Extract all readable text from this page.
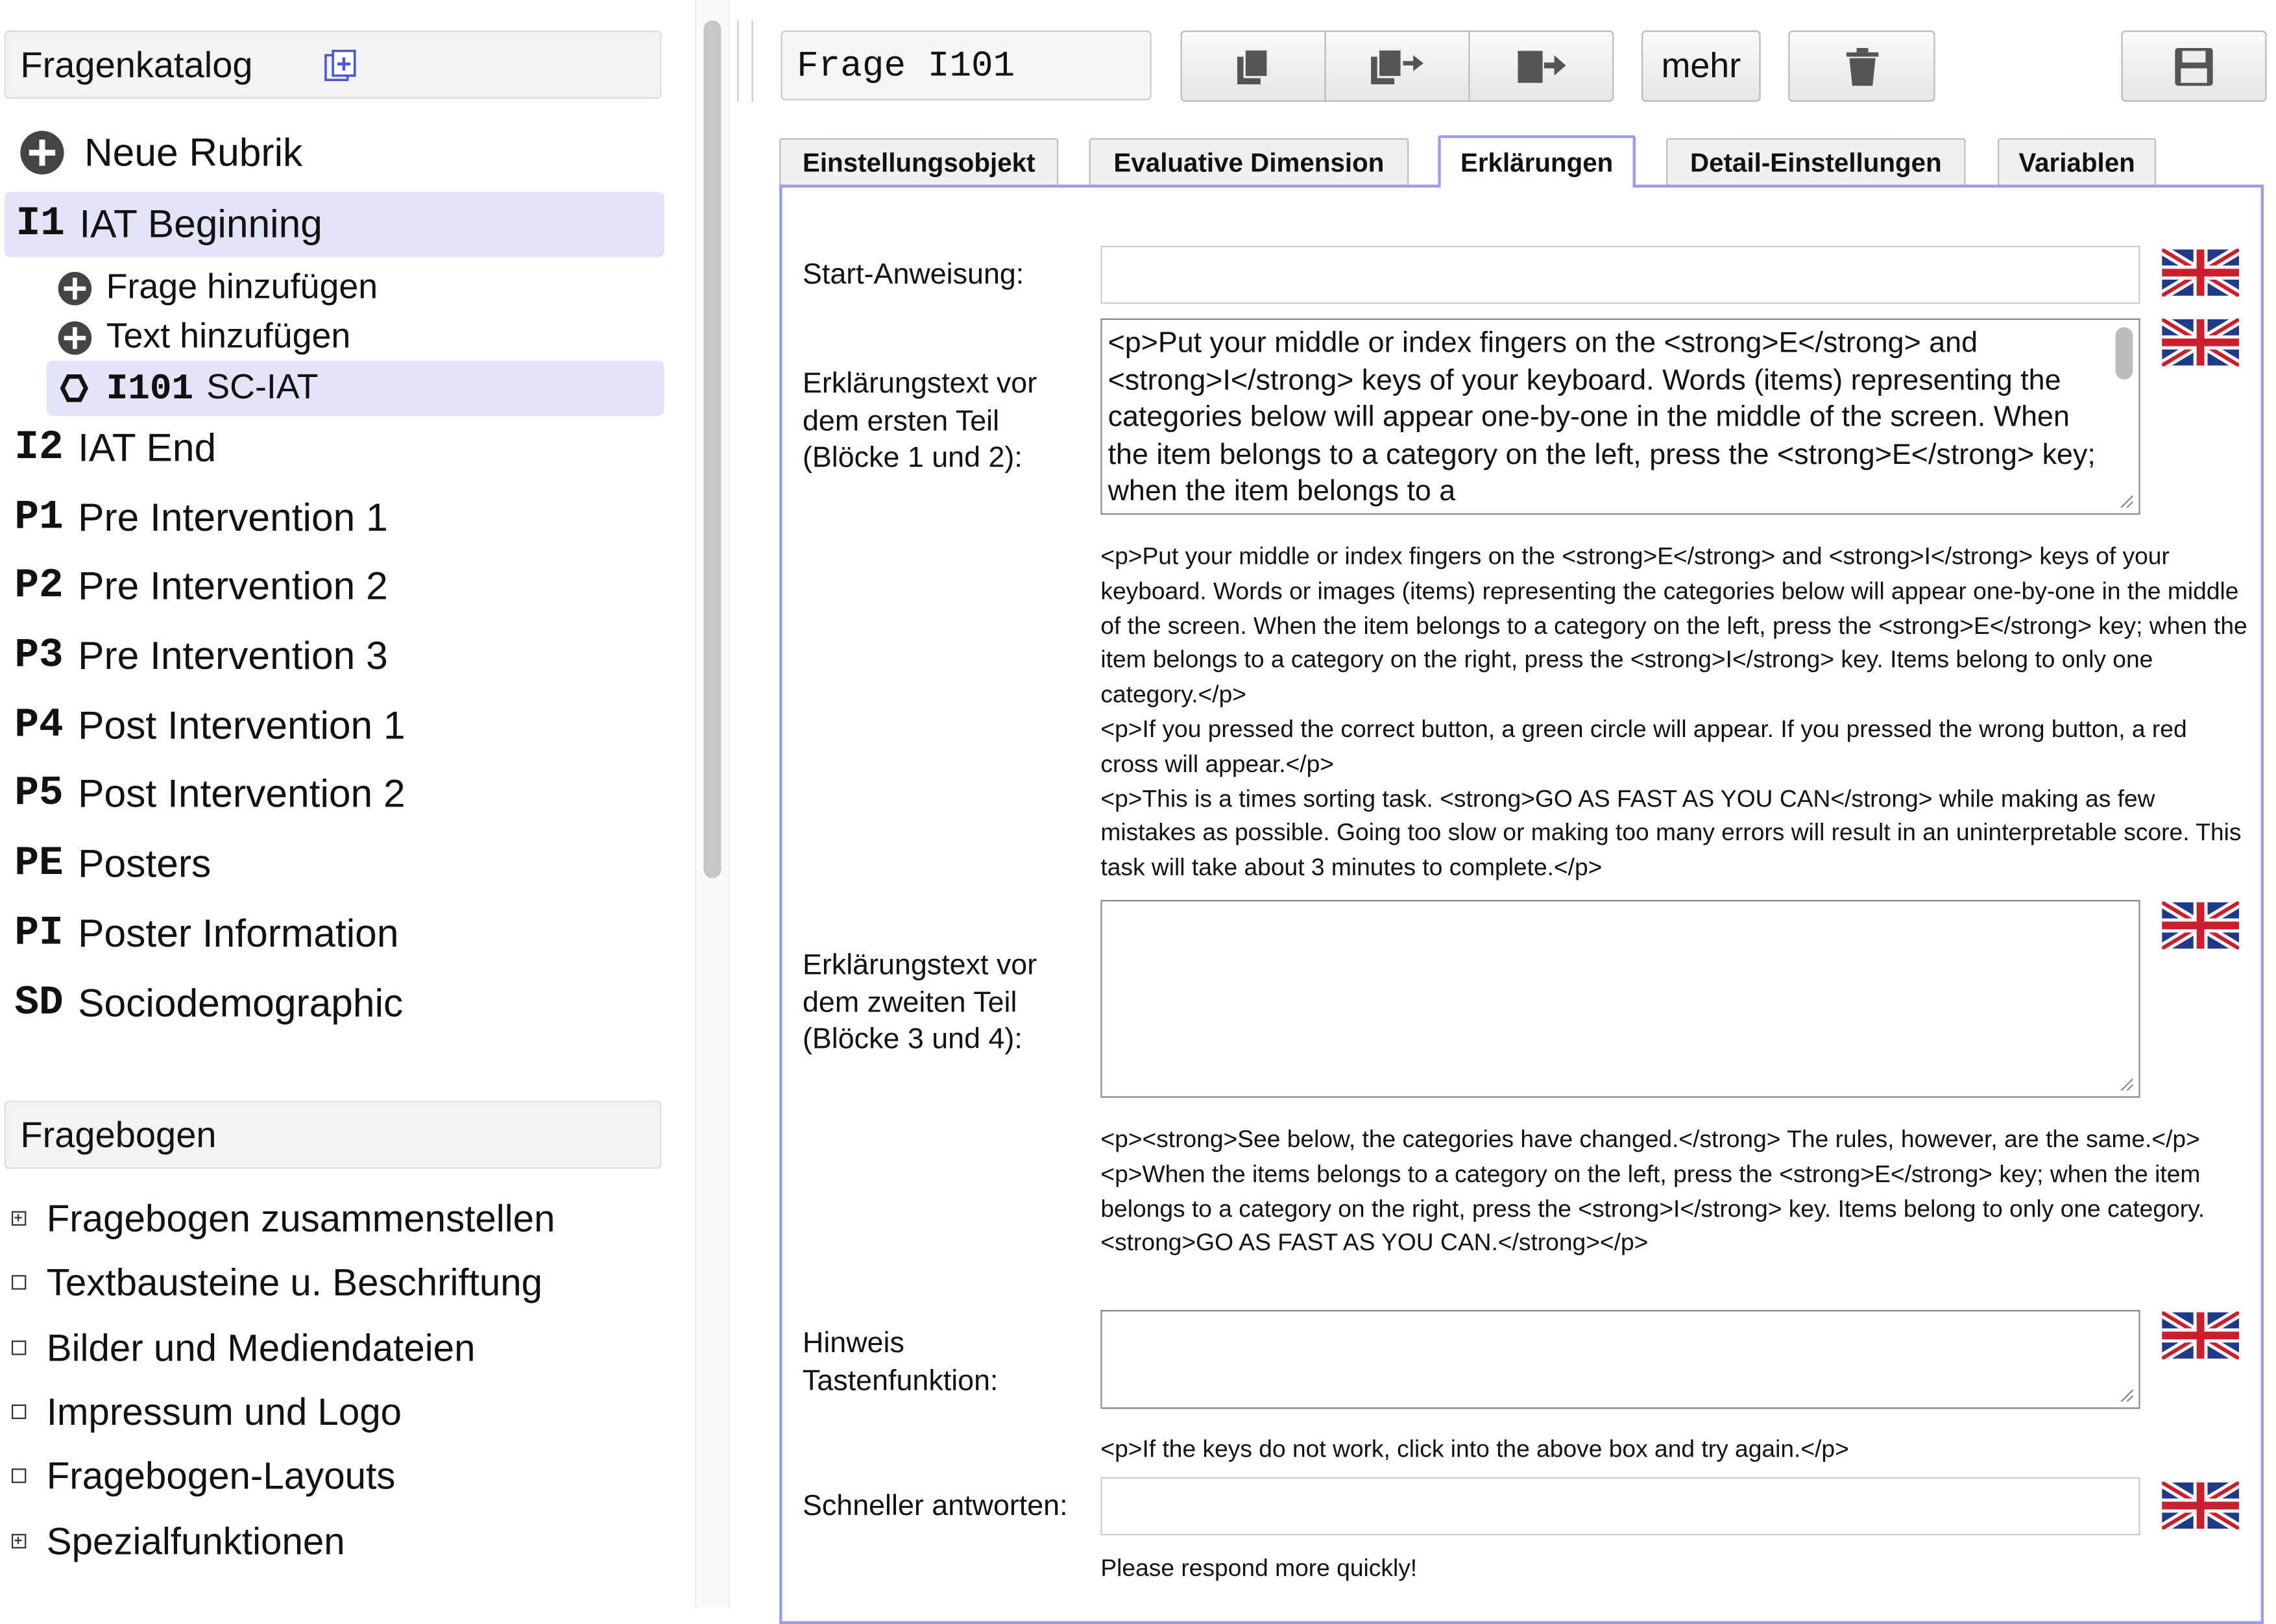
Fragenkatalog
Neue Rubrik
I1 IAT Beginning
Frage hinzufügen
Text hinzufügen
I101 SC-IAT
I2 IAT End
P1 Pre Intervention 1
P2 Pre Intervention 2
P3 Pre Intervention 3
P4 Post Intervention 1
P5 Post Intervention 2
PE Posters
PI Poster Information
SD Sociodemographic
Fragebogen
Fragebogen zusammenstellen
Textbausteine u. Beschriftung
Bilder und Mediendateien
Impressum und Logo
Fragebogen-Layouts
Spezialfunktionen
Frage I101	mehr
Einstellungsobjekt	Evaluative Dimension	Erklärungen	Detail-Einstellungen	Variablen
Start-Anweisung:
Erklärungstext vor dem ersten Teil (Blöcke 1 und 2):
<p>Put your middle or index fingers on the <strong>E</strong> and <strong>I</strong> keys of your keyboard. Words (items) representing the categories below will appear one-by-one in the middle of the screen. When the item belongs to a category on the left, press the <strong>E</strong> key; when the item belongs to a
<p>Put your middle or index fingers on the <strong>E</strong> and <strong>I</strong> keys of your keyboard. Words or images (items) representing the categories below will appear one-by-one in the middle of the screen. When the item belongs to a category on the left, press the <strong>E</strong> key; when the item belongs to a category on the right, press the <strong>I</strong> key. Items belong to only one category.</p>
<p>If you pressed the correct button, a green circle will appear. If you pressed the wrong button, a red cross will appear.</p>
<p>This is a times sorting task. <strong>GO AS FAST AS YOU CAN</strong> while making as few mistakes as possible. Going too slow or making too many errors will result in an uninterpretable score. This task will take about 3 minutes to complete.</p>
Erklärungstext vor dem zweiten Teil (Blöcke 3 und 4):
<p><strong>See below, the categories have changed.</strong> The rules, however, are the same.</p>
<p>When the items belongs to a category on the left, press the <strong>E</strong> key; when the item belongs to a category on the right, press the <strong>I</strong> key. Items belong to only one category. <strong>GO AS FAST AS YOU CAN.</strong></p>
Hinweis Tastenfunktion:
<p>If the keys do not work, click into the above box and try again.</p>
Schneller antworten:
Please respond more quickly!
